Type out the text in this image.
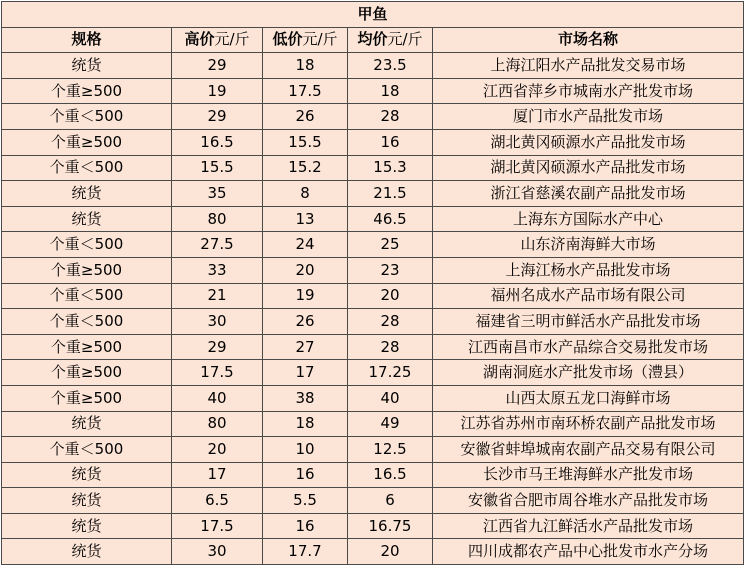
甲鱼				
规格	高价元/斤	低价元/斤	均价元/斤	市场名称
统货	29	18	23.5	上海江阳水产品批发交易市场
个重≥500	19	17.5	18	江西省萍乡市城南水产批发市场
个重＜500	29	26	28	厦门市水产品批发市场
个重≥500	16.5	15.5	16	湖北黄冈硕源水产品批发市场
个重＜500	15.5	15.2	15.3	湖北黄冈硕源水产品批发市场
统货	35	8	21.5	浙江省慈溪农副产品批发市场
统货	80	13	46.5	上海东方国际水产中心
个重＜500	27.5	24	25	山东济南海鲜大市场
个重≥500	33	20	23	上海江杨水产品批发市场
个重＜500	21	19	20	福州名成水产品市场有限公司
个重＜500	30	26	28	福建省三明市鲜活水产品批发市场
个重≥500	29	27	28	江西南昌市水产品综合交易批发市场
个重≥500	17.5	17	17.25	湖南洞庭水产批发市场（澧县）
个重≥500	40	38	40	山西太原五龙口海鲜市场
统货	80	18	49	江苏省苏州市南环桥农副产品批发市场
个重＜500	20	10	12.5	安徽省蚌埠城南农副产品交易有限公司
统货	17	16	16.5	长沙市马王堆海鲜水产批发市场
统货	6.5	5.5	6	安徽省合肥市周谷堆水产品批发市场
统货	17.5	16	16.75	江西省九江鲜活水产品批发市场
统货	30	17.7	20	四川成都农产品中心批发市水产分场
